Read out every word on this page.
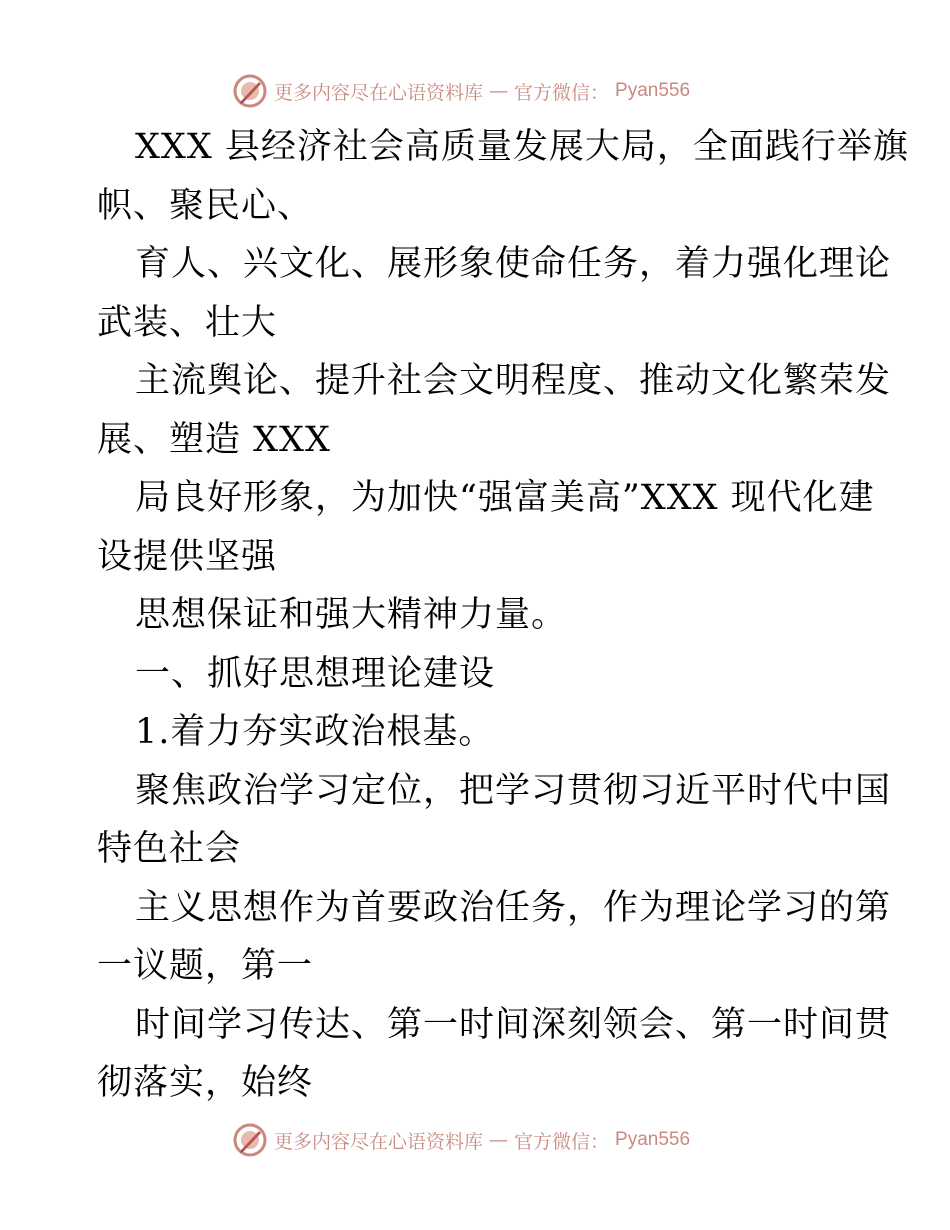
更多内容尽在心语资料库 — 官方微信： Pyan556
XXX 县经济社会高质量发展大局，全面践行举旗
帜、聚民心、
育人、兴文化、展形象使命任务，着力强化理论
武装、壮大
主流舆论、提升社会文明程度、推动文化繁荣发
展、塑造 XXX
局良好形象，为加快“强富美高”XXX 现代化建
设提供坚强
思想保证和强大精神力量。
一、抓好思想理论建设
1.着力夯实政治根基。
聚焦政治学习定位，把学习贯彻习近平时代中国
特色社会
主义思想作为首要政治任务，作为理论学习的第
一议题，第一
时间学习传达、第一时间深刻领会、第一时间贯
彻落实，始终
更多内容尽在心语资料库 — 官方微信： Pyan556
